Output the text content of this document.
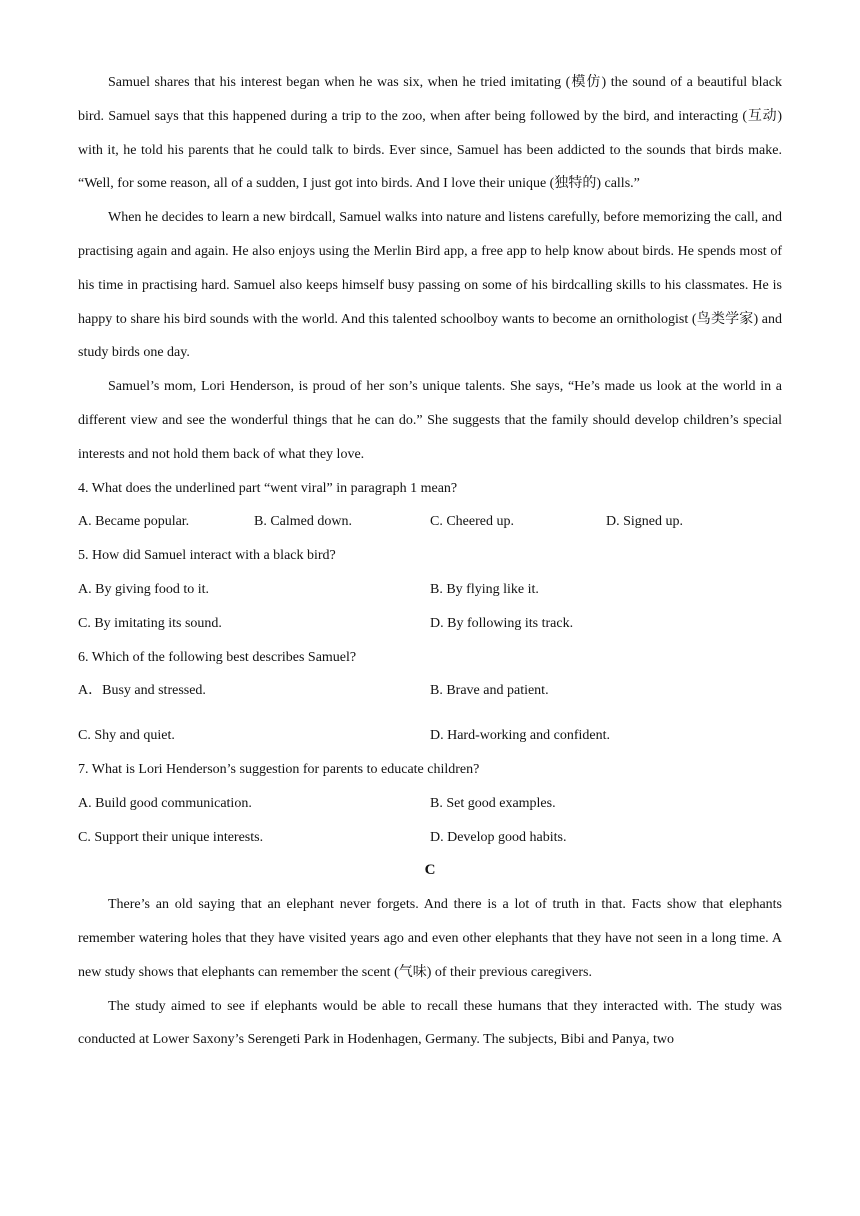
Samuel shares that his interest began when he was six, when he tried imitating (模仿) the sound of a beautiful black bird. Samuel says that this happened during a trip to the zoo, when after being followed by the bird, and interacting (互动) with it, he told his parents that he could talk to birds. Ever since, Samuel has been addicted to the sounds that birds make. “Well, for some reason, all of a sudden, I just got into birds. And I love their unique (独特的) calls.”

When he decides to learn a new birdcall, Samuel walks into nature and listens carefully, before memorizing the call, and practising again and again. He also enjoys using the Merlin Bird app, a free app to help know about birds. He spends most of his time in practising hard. Samuel also keeps himself busy passing on some of his birdcalling skills to his classmates. He is happy to share his bird sounds with the world. And this talented schoolboy wants to become an ornithologist (鸟类学家) and study birds one day.

Samuel’s mom, Lori Henderson, is proud of her son’s unique talents. She says, “He’s made us look at the world in a different view and see the wonderful things that he can do.” She suggests that the family should develop children’s special interests and not hold them back of what they love.

4. What does the underlined part “went viral” in paragraph 1 mean?

A. Became popular.	B. Calmed down.	C. Cheered up.	D. Signed up.

5. How did Samuel interact with a black bird?

A. By giving food to it.	B. By flying like it.
C. By imitating its sound.	D. By following its track.

6. Which of the following best describes Samuel?

A．Busy and stressed.	B. Brave and patient.
C. Shy and quiet.	D. Hard-working and confident.

7. What is Lori Henderson’s suggestion for parents to educate children?

A. Build good communication.	B. Set good examples.
C. Support their unique interests.	D. Develop good habits.

C

There’s an old saying that an elephant never forgets. And there is a lot of truth in that. Facts show that elephants remember watering holes that they have visited years ago and even other elephants that they have not seen in a long time. A new study shows that elephants can remember the scent (气味) of their previous caregivers.

The study aimed to see if elephants would be able to recall these humans that they interacted with. The study was conducted at Lower Saxony’s Serengeti Park in Hodenhagen, Germany. The subjects, Bibi and Panya, two
